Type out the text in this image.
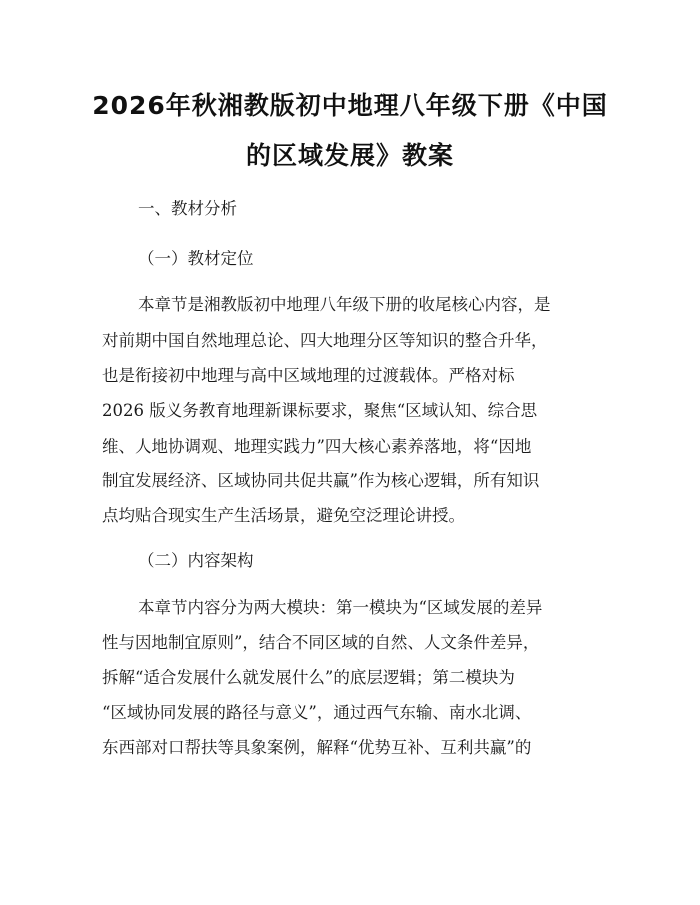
2026年秋湘教版初中地理八年级下册《中国
的区域发展》教案
一、教材分析
（一）教材定位
本章节是湘教版初中地理八年级下册的收尾核心内容，是
对前期中国自然地理总论、四大地理分区等知识的整合升华，
也是衔接初中地理与高中区域地理的过渡载体。严格对标
2026 版义务教育地理新课标要求，聚焦“区域认知、综合思
维、人地协调观、地理实践力”四大核心素养落地，将“因地
制宜发展经济、区域协同共促共赢”作为核心逻辑，所有知识
点均贴合现实生产生活场景，避免空泛理论讲授。
（二）内容架构
本章节内容分为两大模块：第一模块为“区域发展的差异
性与因地制宜原则”，结合不同区域的自然、人文条件差异，
拆解“适合发展什么就发展什么”的底层逻辑；第二模块为
“区域协同发展的路径与意义”，通过西气东输、南水北调、
东西部对口帮扶等具象案例，解释“优势互补、互利共赢”的
